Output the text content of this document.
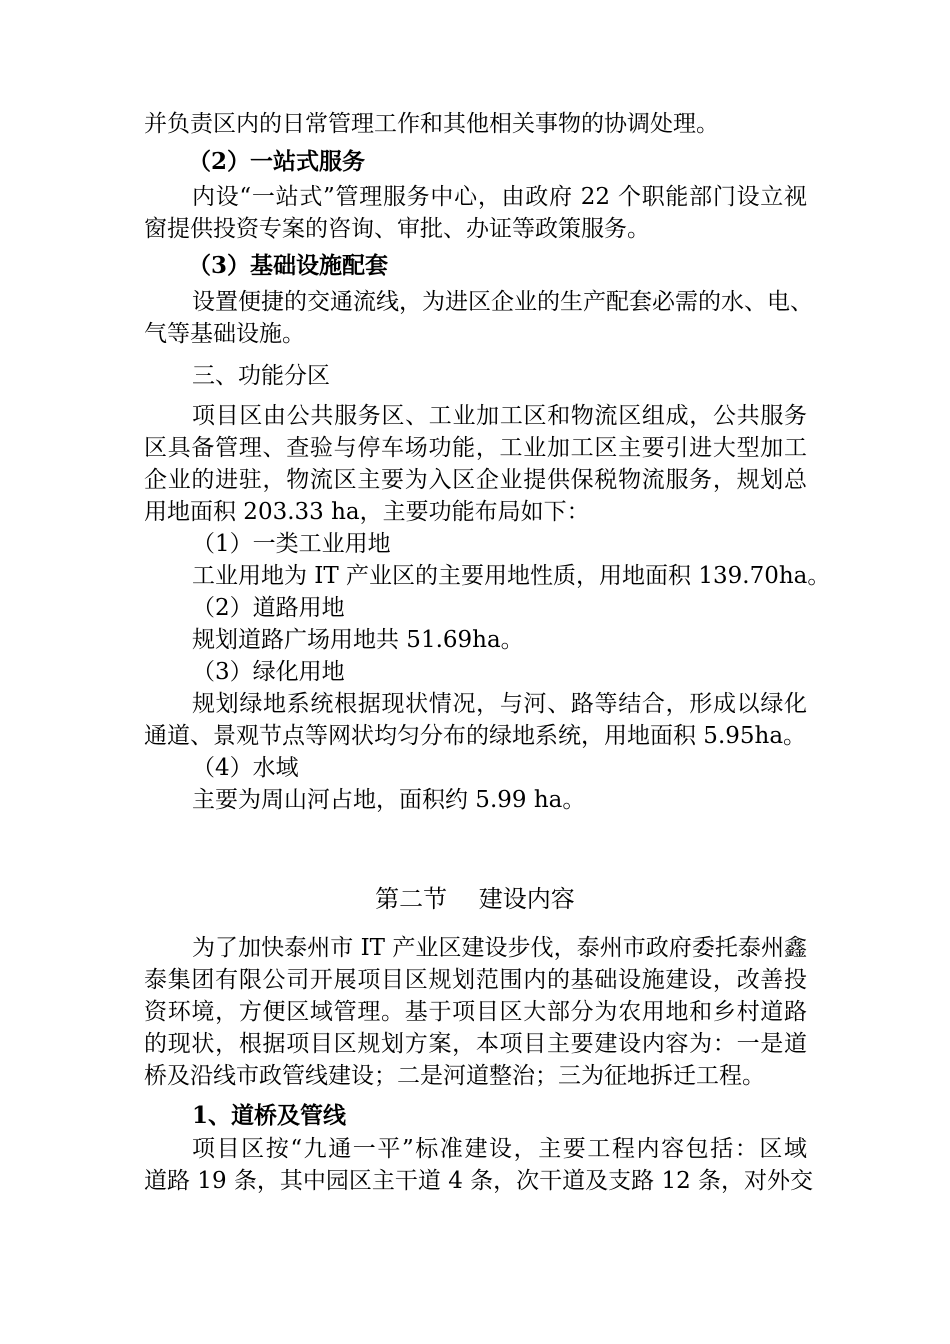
并负责区内的日常管理工作和其他相关事物的协调处理。
（2）一站式服务
内设“一站式”管理服务中心，由政府 22 个职能部门设立视
窗提供投资专案的咨询、审批、办证等政策服务。
（3）基础设施配套
设置便捷的交通流线，为进区企业的生产配套必需的水、电、
气等基础设施。
三、功能分区
项目区由公共服务区、工业加工区和物流区组成，公共服务
区具备管理、查验与停车场功能，工业加工区主要引进大型加工
企业的进驻，物流区主要为入区企业提供保税物流服务，规划总
用地面积 203.33 ha，主要功能布局如下：
（1）一类工业用地
工业用地为 IT 产业区的主要用地性质，用地面积 139.70ha。
（2）道路用地
规划道路广场用地共 51.69ha。
（3）绿化用地
规划绿地系统根据现状情况，与河、路等结合，形成以绿化
通道、景观节点等网状均匀分布的绿地系统，用地面积 5.95ha。
（4）水域
主要为周山河占地，面积约 5.99 ha。
第二节　 建设内容
为了加快泰州市 IT 产业区建设步伐，泰州市政府委托泰州鑫
泰集团有限公司开展项目区规划范围内的基础设施建设，改善投
资环境，方便区域管理。基于项目区大部分为农用地和乡村道路
的现状，根据项目区规划方案，本项目主要建设内容为：一是道
桥及沿线市政管线建设；二是河道整治；三为征地拆迁工程。
1、道桥及管线
项目区按“九通一平”标准建设，主要工程内容包括：区域
道路 19 条，其中园区主干道 4 条，次干道及支路 12 条，对外交
